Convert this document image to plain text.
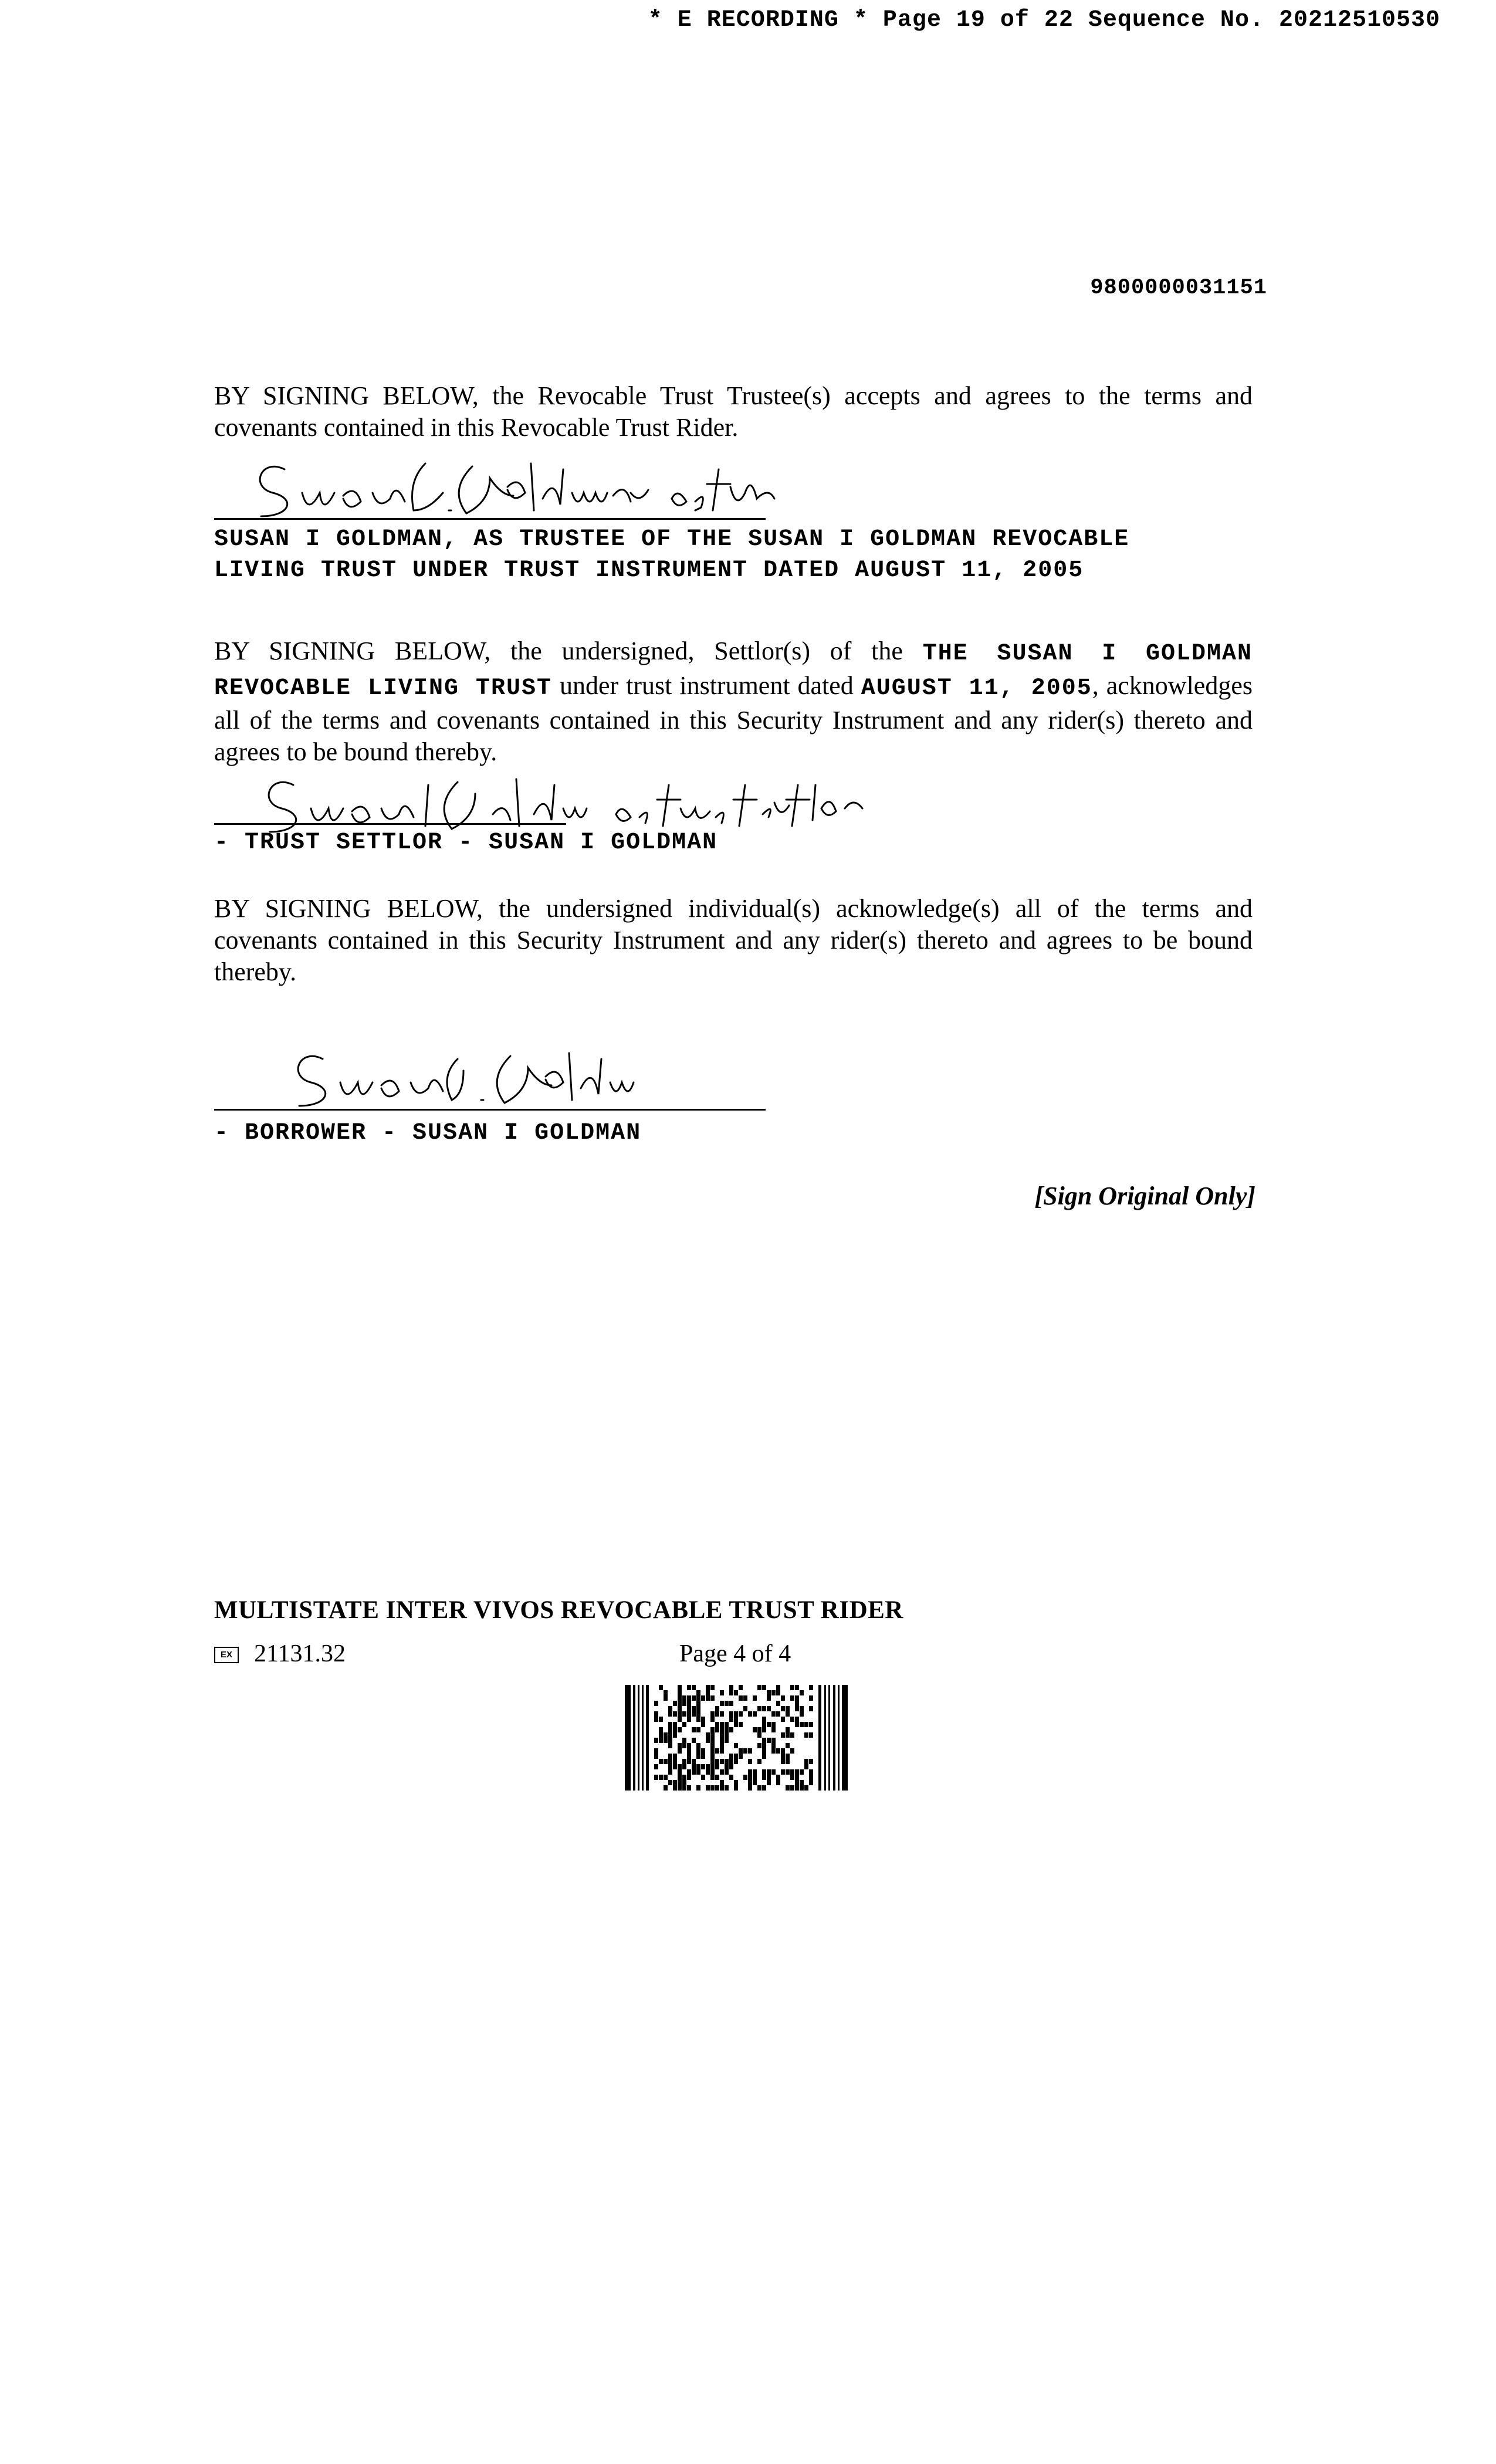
* E RECORDING * Page 19 of 22 Sequence No. 20212510530
9800000031151
BY SIGNING BELOW, the Revocable Trust Trustee(s) accepts and agrees to the terms and covenants contained in this Revocable Trust Rider.
SUSAN I GOLDMAN, AS TRUSTEE OF THE SUSAN I GOLDMAN REVOCABLE
LIVING TRUST UNDER TRUST INSTRUMENT DATED AUGUST 11, 2005
BY SIGNING BELOW, the undersigned, Settlor(s) of the THE SUSAN I GOLDMAN REVOCABLE LIVING TRUST under trust instrument dated AUGUST 11, 2005, acknowledges all of the terms and covenants contained in this Security Instrument and any rider(s) thereto and agrees to be bound thereby.
- TRUST SETTLOR - SUSAN I GOLDMAN
BY SIGNING BELOW, the undersigned individual(s) acknowledge(s) all of the terms and covenants contained in this Security Instrument and any rider(s) thereto and agrees to be bound thereby.
- BORROWER - SUSAN I GOLDMAN
[Sign Original Only]
MULTISTATE INTER VIVOS REVOCABLE TRUST RIDER
EX 21131.32	Page 4 of 4
